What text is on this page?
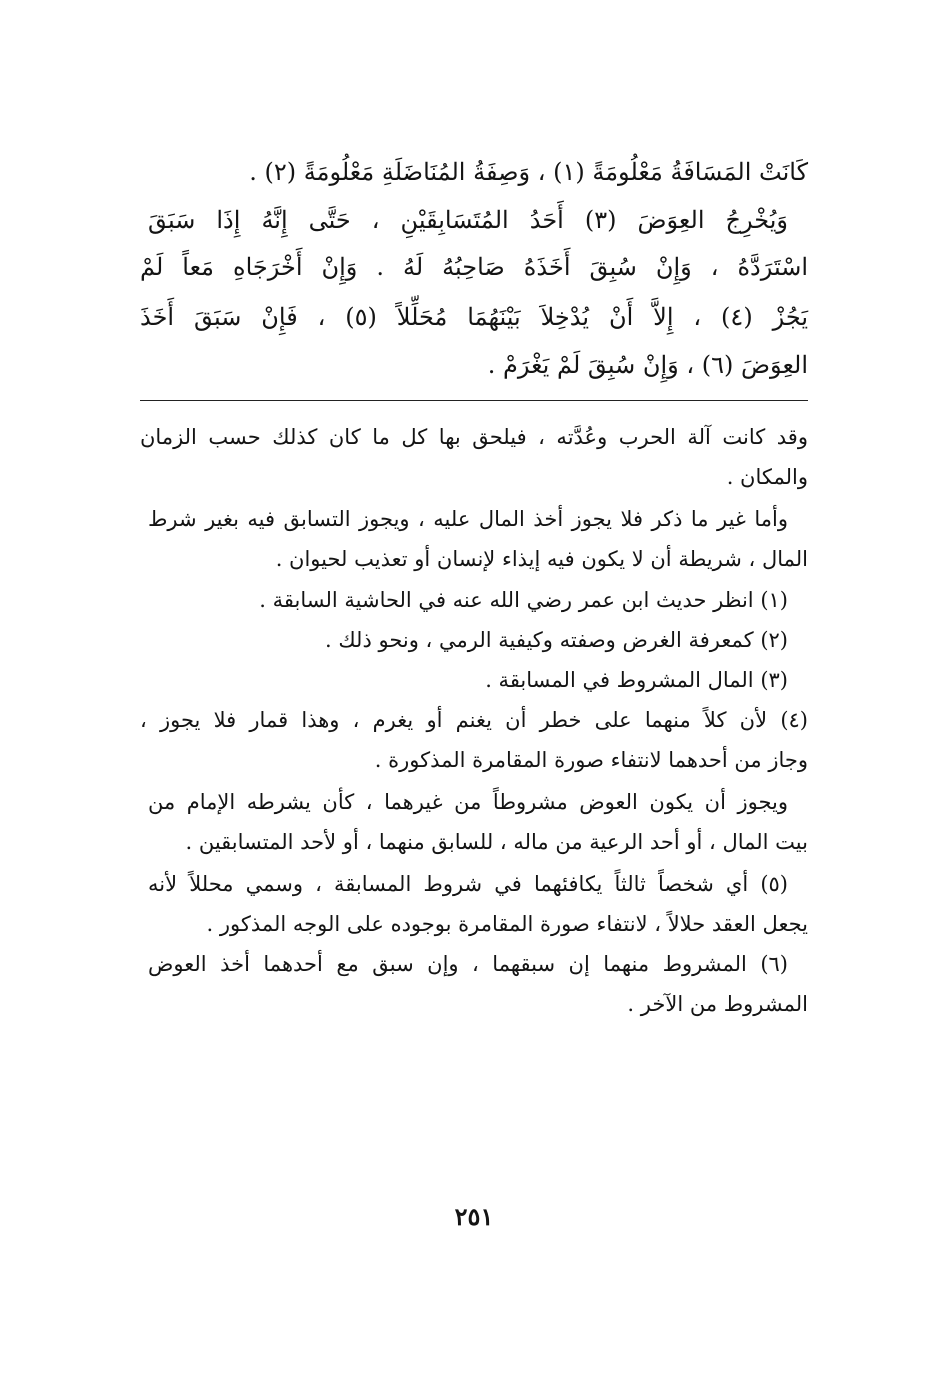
كَانَتْ المَسَافَةُ مَعْلُومَةً (١) ، وَصِفَةُ المُنَاضَلَةِ مَعْلُومَةً (٢) .
وَيُخْرِجُ العِوَضَ (٣) أَحَدُ المُتَسَابِقَيْنِ ، حَتَّى إِنَّهُ إِذَا سَبَقَ
اسْتَرَدَّهُ ، وَإِنْ سُبِقَ أَخَذَهُ صَاحِبُهُ لَهُ . وَإِنْ أَخْرَجَاهِ مَعاً لَمْ
يَجُزْ (٤) ، إِلاَّ أَنْ يُدْخِلاَ بَيْنَهُمَا مُحَلِّلاً (٥) ، فَإِنْ سَبَقَ أَخَذَ
العِوَضَ (٦) ، وَإِنْ سُبِقَ لَمْ يَغْرَمْ .
وقد كانت آلة الحرب وعُدَّته ، فيلحق بها كل ما كان كذلك حسب الزمان
والمكان .
وأما غير ما ذكر فلا يجوز أخذ المال عليه ، ويجوز التسابق فيه بغير شرط
المال ، شريطة أن لا يكون فيه إيذاء لإنسان أو تعذيب لحيوان .
(١) انظر حديث ابن عمر رضي الله عنه في الحاشية السابقة .
(٢) كمعرفة الغرض وصفته وكيفية الرمي ، ونحو ذلك .
(٣) المال المشروط في المسابقة .
(٤) لأن كلاً منهما على خطر أن يغنم أو يغرم ، وهذا قمار فلا يجوز ،
وجاز من أحدهما لانتفاء صورة المقامرة المذكورة .
ويجوز أن يكون العوض مشروطاً من غيرهما ، كأن يشرطه الإمام من
بيت المال ، أو أحد الرعية من ماله ، للسابق منهما ، أو لأحد المتسابقين .
(٥) أي شخصاً ثالثاً يكافئهما في شروط المسابقة ، وسمي محللاً لأنه
يجعل العقد حلالاً ، لانتفاء صورة المقامرة بوجوده على الوجه المذكور .
(٦) المشروط منهما إن سبقهما ، وإن سبق مع أحدهما أخذ العوض
المشروط من الآخر .
٢٥١
